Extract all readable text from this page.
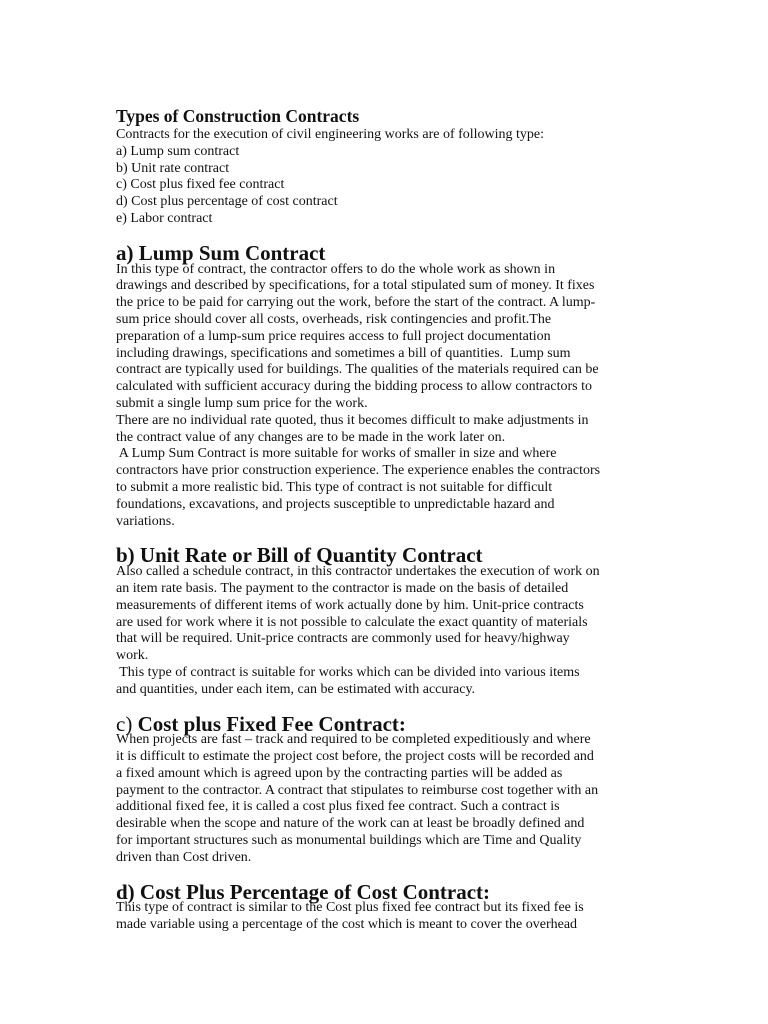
Types of Construction Contracts

Contracts for the execution of civil engineering works are of following type:

a) Lump sum contract

b) Unit rate contract

c) Cost plus fixed fee contract

d) Cost plus percentage of cost contract

e) Labor contract

a) Lump Sum Contract
In this type of contract, the contractor offers to do the whole work as shown in
drawings and described by specifications, for a total stipulated sum of money. It fixes
the price to be paid for carrying out the work, before the start of the contract. A lump-
sum price should cover all costs, overheads, risk contingencies and profit.The
preparation of a lump-sum price requires access to full project documentation
including drawings, specifications and sometimes a bill of quantities.  Lump sum
contract are typically used for buildings. The qualities of the materials required can be
calculated with sufficient accuracy during the bidding process to allow contractors to
submit a single lump sum price for the work.
There are no individual rate quoted, thus it becomes difficult to make adjustments in
the contract value of any changes are to be made in the work later on.
A Lump Sum Contract is more suitable for works of smaller in size and where
contractors have prior construction experience. The experience enables the contractors
to submit a more realistic bid. This type of contract is not suitable for difficult
foundations, excavations, and projects susceptible to unpredictable hazard and
variations.
b) Unit Rate or Bill of Quantity Contract
Also called a schedule contract, in this contractor undertakes the execution of work on
an item rate basis. The payment to the contractor is made on the basis of detailed
measurements of different items of work actually done by him. Unit-price contracts
are used for work where it is not possible to calculate the exact quantity of materials
that will be required. Unit-price contracts are commonly used for heavy/highway
work.
This type of contract is suitable for works which can be divided into various items
and quantities, under each item, can be estimated with accuracy.
c) Cost plus Fixed Fee Contract:
When projects are fast – track and required to be completed expeditiously and where
it is difficult to estimate the project cost before, the project costs will be recorded and
a fixed amount which is agreed upon by the contracting parties will be added as
payment to the contractor. A contract that stipulates to reimburse cost together with an
additional fixed fee, it is called a cost plus fixed fee contract. Such a contract is
desirable when the scope and nature of the work can at least be broadly defined and
for important structures such as monumental buildings which are Time and Quality
driven than Cost driven.
d) Cost Plus Percentage of Cost Contract:
This type of contract is similar to the Cost plus fixed fee contract but its fixed fee is
made variable using a percentage of the cost which is meant to cover the overhead
